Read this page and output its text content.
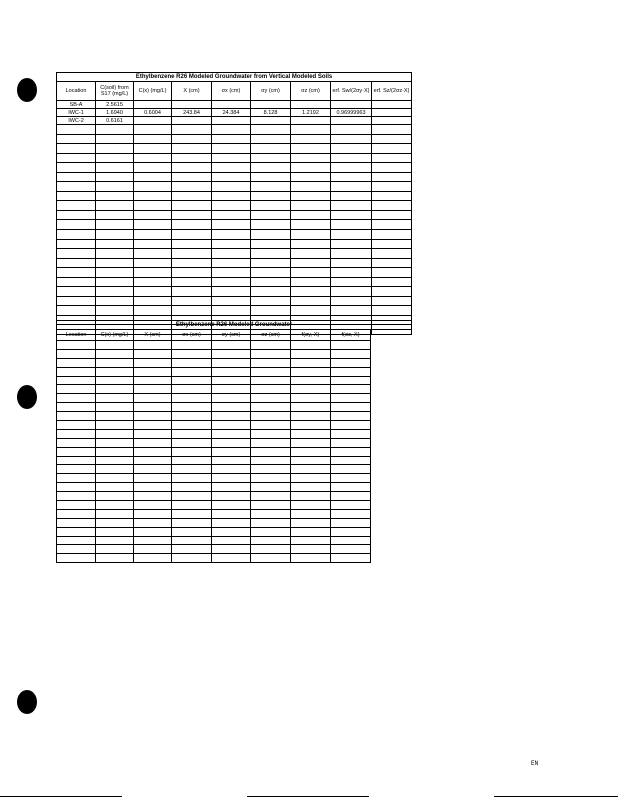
Ethylbenzene R26 Modeled Groundwater from Vertical Modeled Soils								
Location	C(soil) from S17 (mg/L)	C(x) (mg/L)	X (cm)	σx (cm)	σy (cm)	σz (cm)	erf. Sw/(2σy·X)	erf. Sz/(2σz·X)
SB-A	2.5615							
IWC-1	1.6940	0.6004	243.84	24.384	8.128	1.2192	0.96999963	
IWC-2	0.6161							

Ethylbenzene R26 Modeled Groundwater								
Location	C(x) (mg/L)	X (cm)	σx (cm)	σy (cm)	σz (cm)	f(σy, X)	f(σz, X)	

EN
